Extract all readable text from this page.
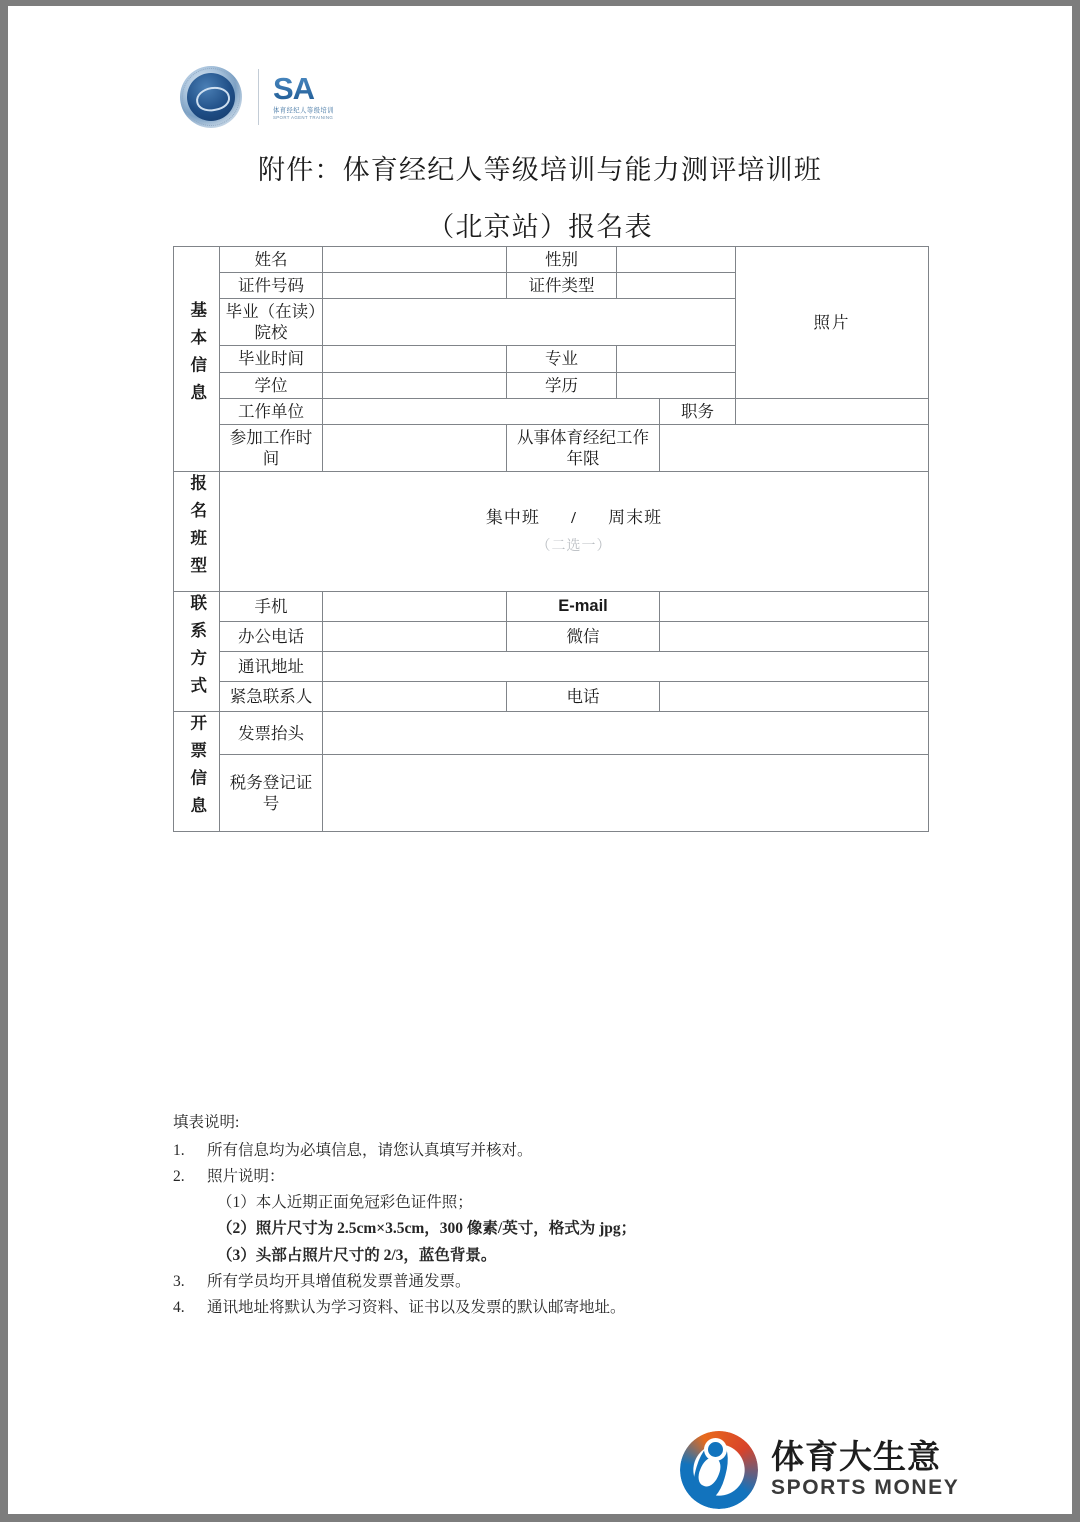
SA
体育经纪人等级培训
SPORT AGENT TRAINING
附件：体育经纪人等级培训与能力测评培训班
（北京站）报名表
基本信息	姓名		性别			照片
	证件号码		证件类型			
	毕业（在读）院校					
	毕业时间		专业			
	学位		学历			
	工作单位				职务	
	参加工作时间		从事体育经纪工作年限			
报名班型	集中班 / 周末班
（二选一）					

联系方式	手机		E-mail			
	办公电话		微信			
	通讯地址					
	紧急联系人		电话			
开票信息	发票抬头					
	税务登记证号					
填表说明:
1.	所有信息均为必填信息，请您认真填写并核对。
2.	照片说明：
（1）本人近期正面免冠彩色证件照；
（2）照片尺寸为 2.5cm×3.5cm，300 像素/英寸，格式为 jpg；
（3）头部占照片尺寸的 2/3，蓝色背景。
3.	所有学员均开具增值税发票普通发票。
4.	通讯地址将默认为学习资料、证书以及发票的默认邮寄地址。
体育大生意
SPORTS MONEY
